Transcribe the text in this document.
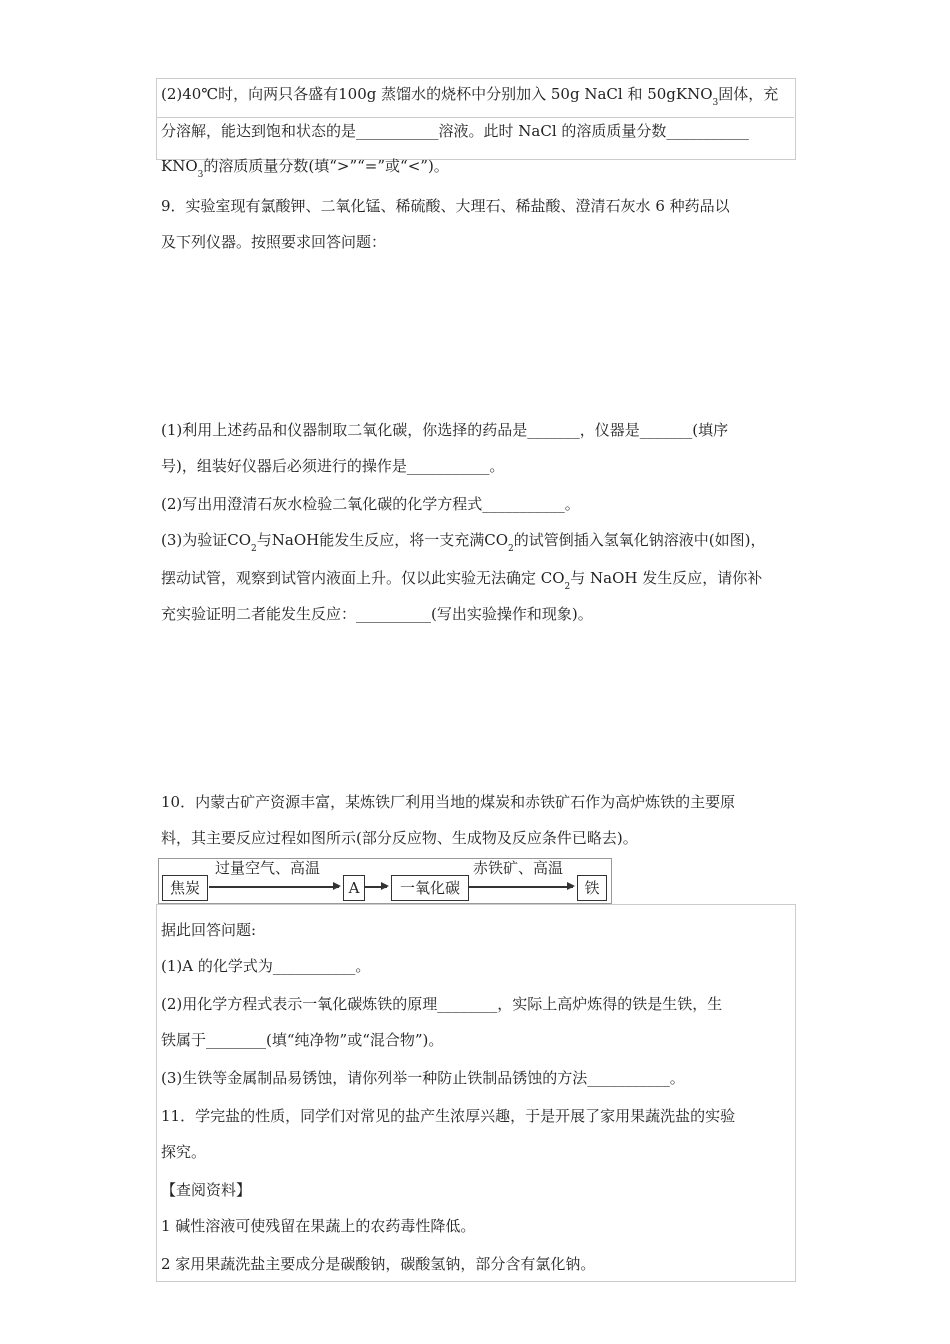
(2)40℃时，向两只各盛有100g 蒸馏水的烧杯中分别加入 50g NaCl 和 50gKNO$_3$固体，充
分溶解，能达到饱和状态的是___________溶液。此时 NaCl 的溶质质量分数___________
$KNO_3$的溶质质量分数(填“>”“=”或“<”)。
9．实验室现有氯酸钾、二氧化锰、稀硫酸、大理石、稀盐酸、澄清石灰水 6 种药品以
及下列仪器。按照要求回答问题：
(1)利用上述药品和仪器制取二氧化碳，你选择的药品是_______，仪器是_______(填序
号)，组装好仪器后必须进行的操作是___________。
(2)写出用澄清石灰水检验二氧化碳的化学方程式___________。
(3)为验证$CO_2$与NaOH能发生反应，将一支充满$CO_2$的试管倒插入氢氧化钠溶液中(如图)，
摆动试管，观察到试管内液面上升。仅以此实验无法确定 $CO_2$与 NaOH 发生反应，请你补
充实验证明二者能发生反应：__________(写出实验操作和现象)。
10．内蒙古矿产资源丰富，某炼铁厂利用当地的煤炭和赤铁矿石作为高炉炼铁的主要原
料，其主要反应过程如图所示(部分反应物、生成物及反应条件已略去)。
焦炭
过量空气、高温
A	一氧化碳
赤铁矿、高温
铁
据此回答问题:
(1)A 的化学式为___________。
(2)用化学方程式表示一氧化碳炼铁的原理________，实际上高炉炼得的铁是生铁，生
铁属于________(填“纯净物”或“混合物”)。
(3)生铁等金属制品易锈蚀，请你列举一种防止铁制品锈蚀的方法___________。
11．学完盐的性质，同学们对常见的盐产生浓厚兴趣，于是开展了家用果蔬洗盐的实验
探究。
【查阅资料】
1 碱性溶液可使残留在果蔬上的农药毒性降低。
2 家用果蔬洗盐主要成分是碳酸钠，碳酸氢钠，部分含有氯化钠。
